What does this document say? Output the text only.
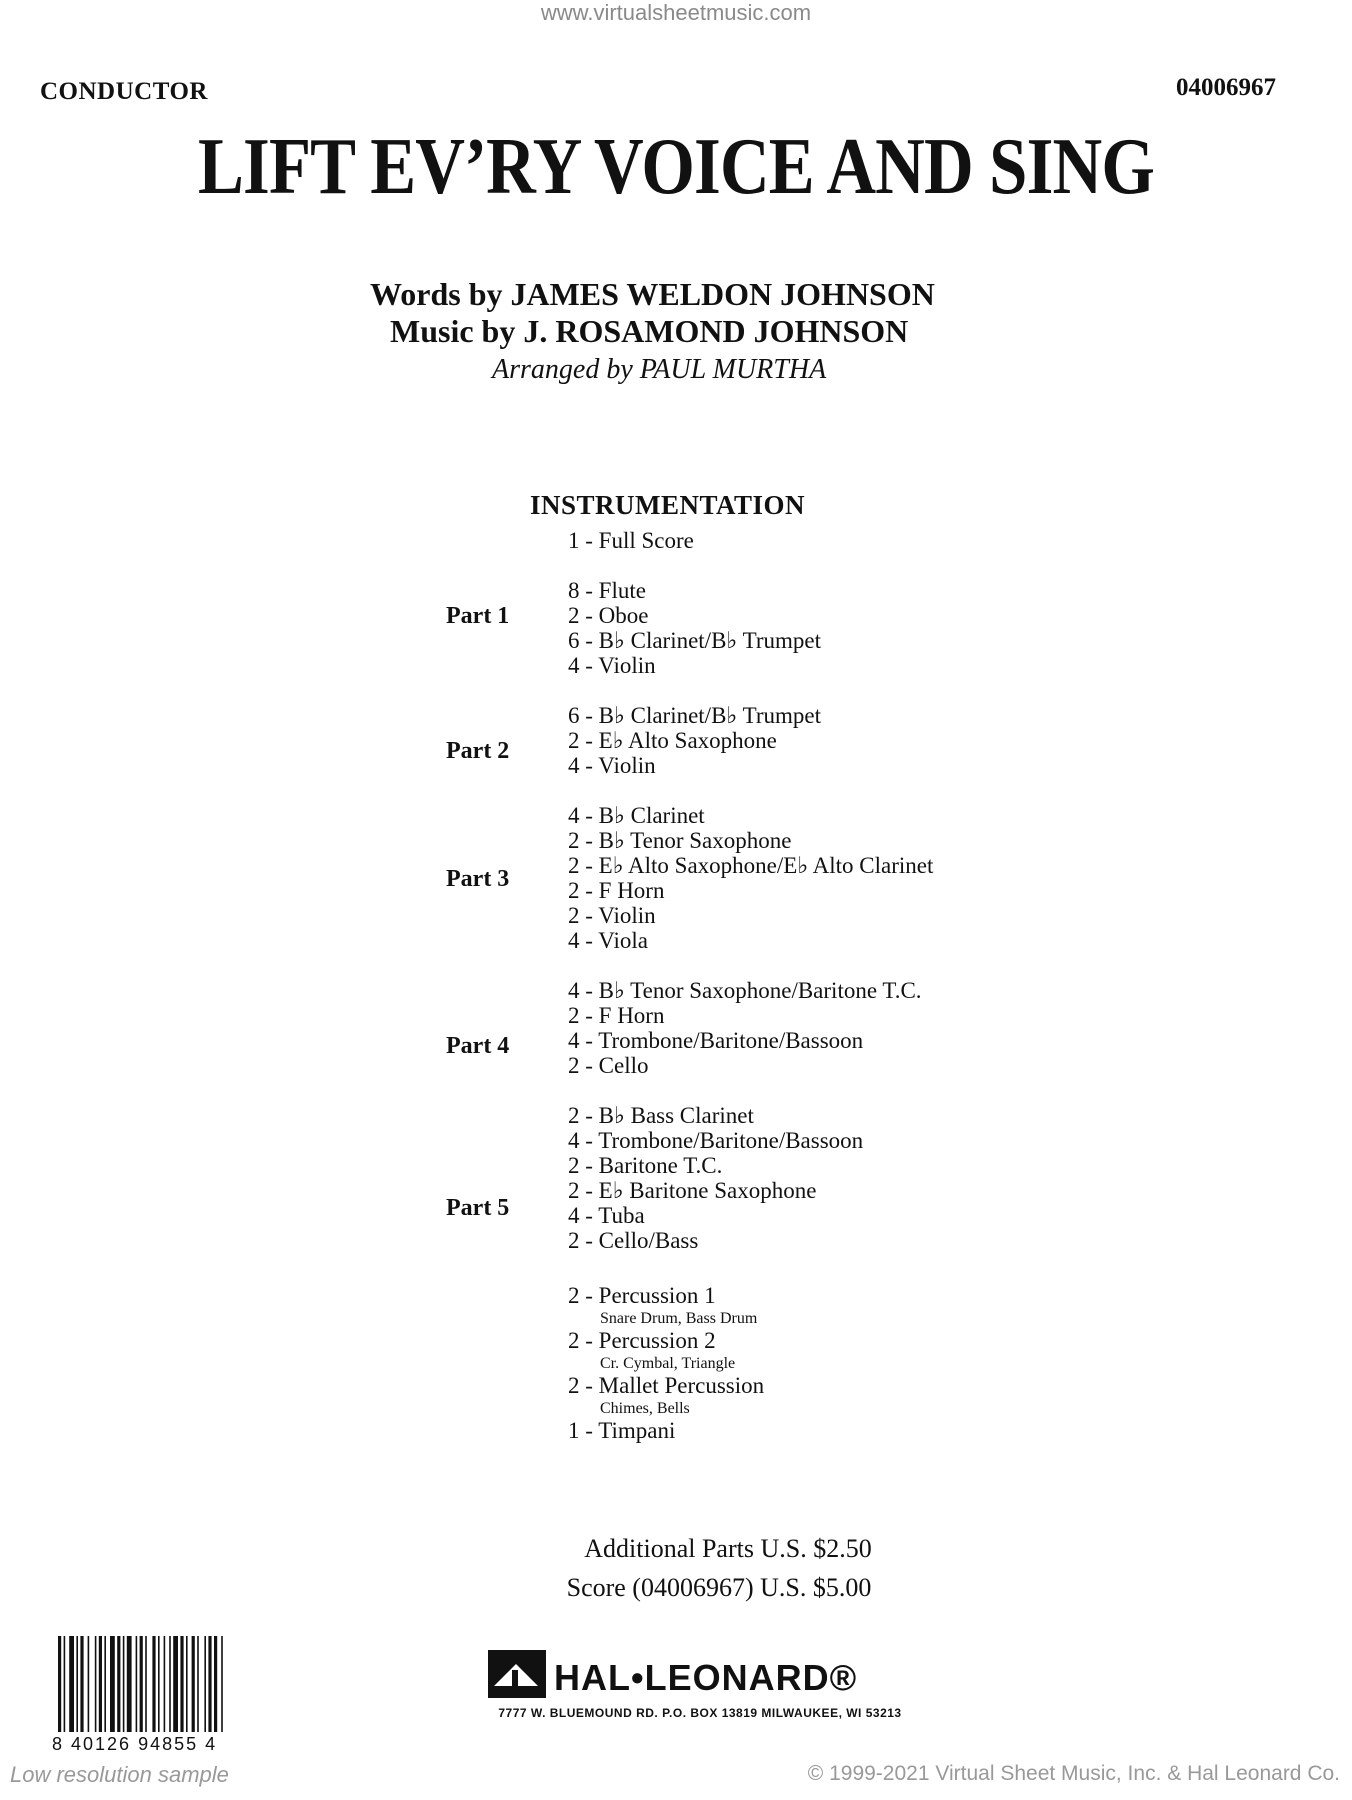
www.virtualsheetmusic.com
CONDUCTOR	04006967
LIFT EV’RY VOICE AND SING
Words by JAMES WELDON JOHNSON
Music by J. ROSAMOND JOHNSON
Arranged by PAUL MURTHA
INSTRUMENTATION
1 - Full Score
Part 1
8 - Flute
2 - Oboe
6 - B♭ Clarinet/B♭ Trumpet
4 - Violin
Part 2
6 - B♭ Clarinet/B♭ Trumpet
2 - E♭ Alto Saxophone
4 - Violin
Part 3
4 - B♭ Clarinet
2 - B♭ Tenor Saxophone
2 - E♭ Alto Saxophone/E♭ Alto Clarinet
2 - F Horn
2 - Violin
4 - Viola
Part 4
4 - B♭ Tenor Saxophone/Baritone T.C.
2 - F Horn
4 - Trombone/Baritone/Bassoon
2 - Cello
Part 5
2 - B♭ Bass Clarinet
4 - Trombone/Baritone/Bassoon
2 - Baritone T.C.
2 - E♭ Baritone Saxophone
4 - Tuba
2 - Cello/Bass
2 - Percussion 1
Snare Drum, Bass Drum
2 - Percussion 2
Cr. Cymbal, Triangle
2 - Mallet Percussion
Chimes, Bells
1 - Timpani
Additional Parts U.S. $2.50
Score (04006967) U.S. $5.00
8 40126 94855 4
HAL•LEONARD®
7777 W. BLUEMOUND RD. P.O. BOX 13819 MILWAUKEE, WI 53213
Low resolution sample	© 1999-2021 Virtual Sheet Music, Inc. & Hal Leonard Co.
